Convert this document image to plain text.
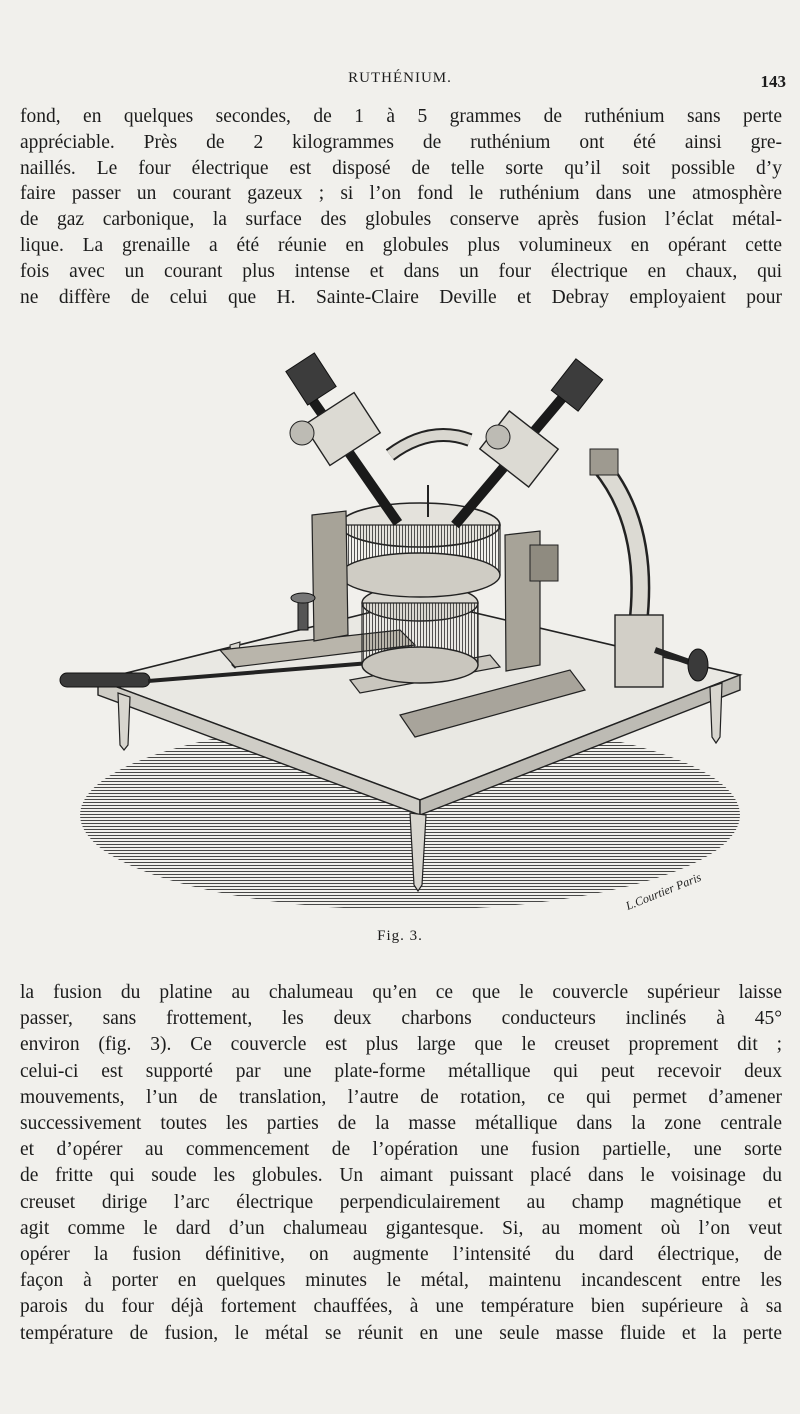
RUTHÉNIUM.	143
fond, en quelques secondes, de 1 à 5 grammes de ruthénium sans perte
appréciable. Près de 2 kilogrammes de ruthénium ont été ainsi gre-
naillés. Le four électrique est disposé de telle sorte qu’il soit possible d’y
faire passer un courant gazeux ; si l’on fond le ruthénium dans une atmosphère
de gaz carbonique, la surface des globules conserve après fusion l’éclat métal-
lique. La grenaille a été réunie en globules plus volumineux en opérant cette
fois avec un courant plus intense et dans un four électrique en chaux, qui
ne diffère de celui que H. Sainte-Claire Deville et Debray employaient pour
L.Courtier Paris
Fig. 3.
la fusion du platine au chalumeau qu’en ce que le couvercle supérieur laisse
passer, sans frottement, les deux charbons conducteurs inclinés à 45°
environ (fig. 3). Ce couvercle est plus large que le creuset proprement dit ;
celui-ci est supporté par une plate-forme métallique qui peut recevoir deux
mouvements, l’un de translation, l’autre de rotation, ce qui permet d’amener
successivement toutes les parties de la masse métallique dans la zone centrale
et d’opérer au commencement de l’opération une fusion partielle, une sorte
de fritte qui soude les globules. Un aimant puissant placé dans le voisinage du
creuset dirige l’arc électrique perpendiculairement au champ magnétique et
agit comme le dard d’un chalumeau gigantesque. Si, au moment où l’on veut
opérer la fusion définitive, on augmente l’intensité du dard électrique, de
façon à porter en quelques minutes le métal, maintenu incandescent entre les
parois du four déjà fortement chauffées, à une température bien supérieure à sa
température de fusion, le métal se réunit en une seule masse fluide et la perte
